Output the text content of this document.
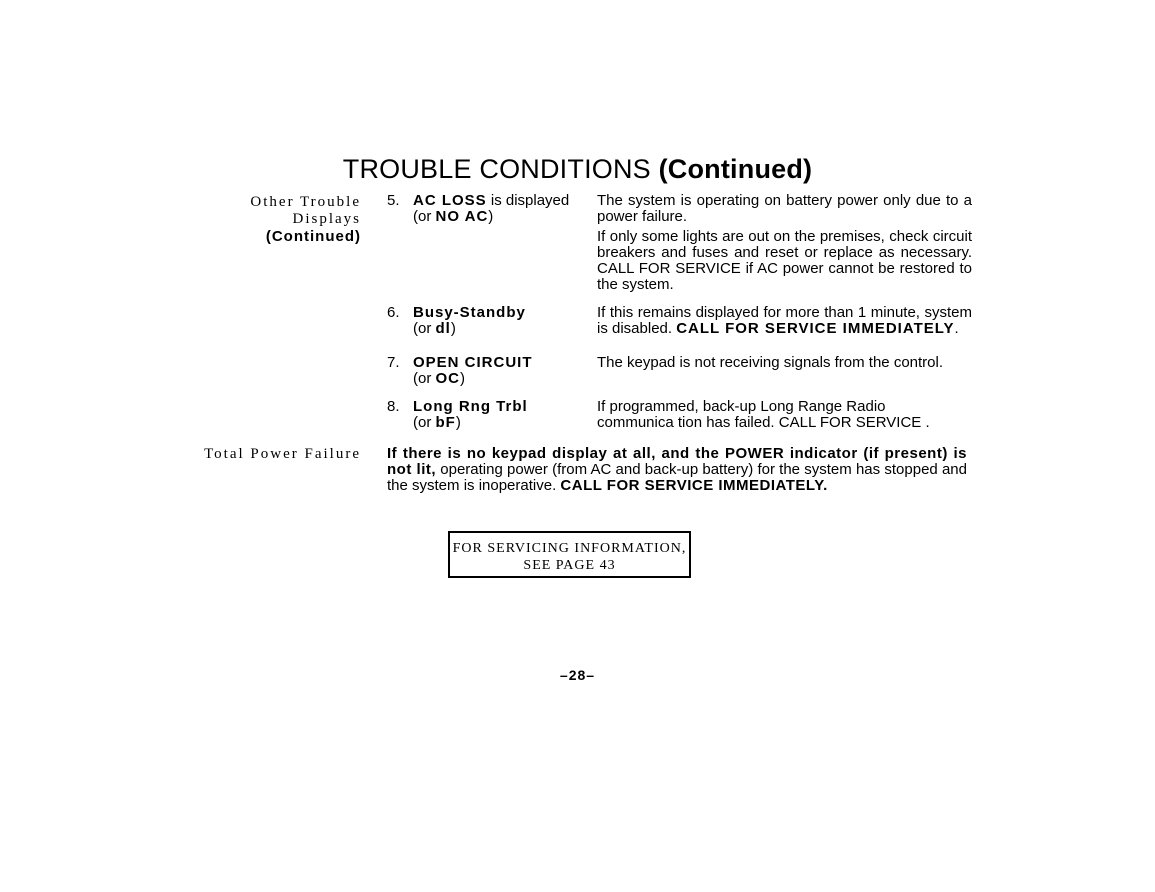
TROUBLE CONDITIONS (Continued)
Other Trouble
Displays
(Continued)
Total Power Failure
5. AC LOSS is displayed
(or NO AC)
The system is operating on battery power only due to a power failure.
If only some lights are out on the premises, check circuit breakers and fuses and reset or replace as necessary. CALL FOR SERVICE if AC power cannot be restored to the system.
6. Busy-Standby
(or dl)
If this remains displayed for more than 1 minute, system is disabled. CALL FOR SERVICE IMMEDIATELY.
7. OPEN CIRCUIT
(or OC)
The keypad is not receiving signals from the control.
8. Long Rng Trbl
(or bF)
If programmed, back-up Long Range Radio communica tion has failed. CALL FOR SERVICE .
If there is no keypad display at all, and the POWER indicator (if present) is not lit, operating power (from AC and back-up battery) for the system has stopped and the system is inoperative. CALL FOR SERVICE IMMEDIATELY.
FOR SERVICING INFORMATION,
SEE PAGE 43
–28–
